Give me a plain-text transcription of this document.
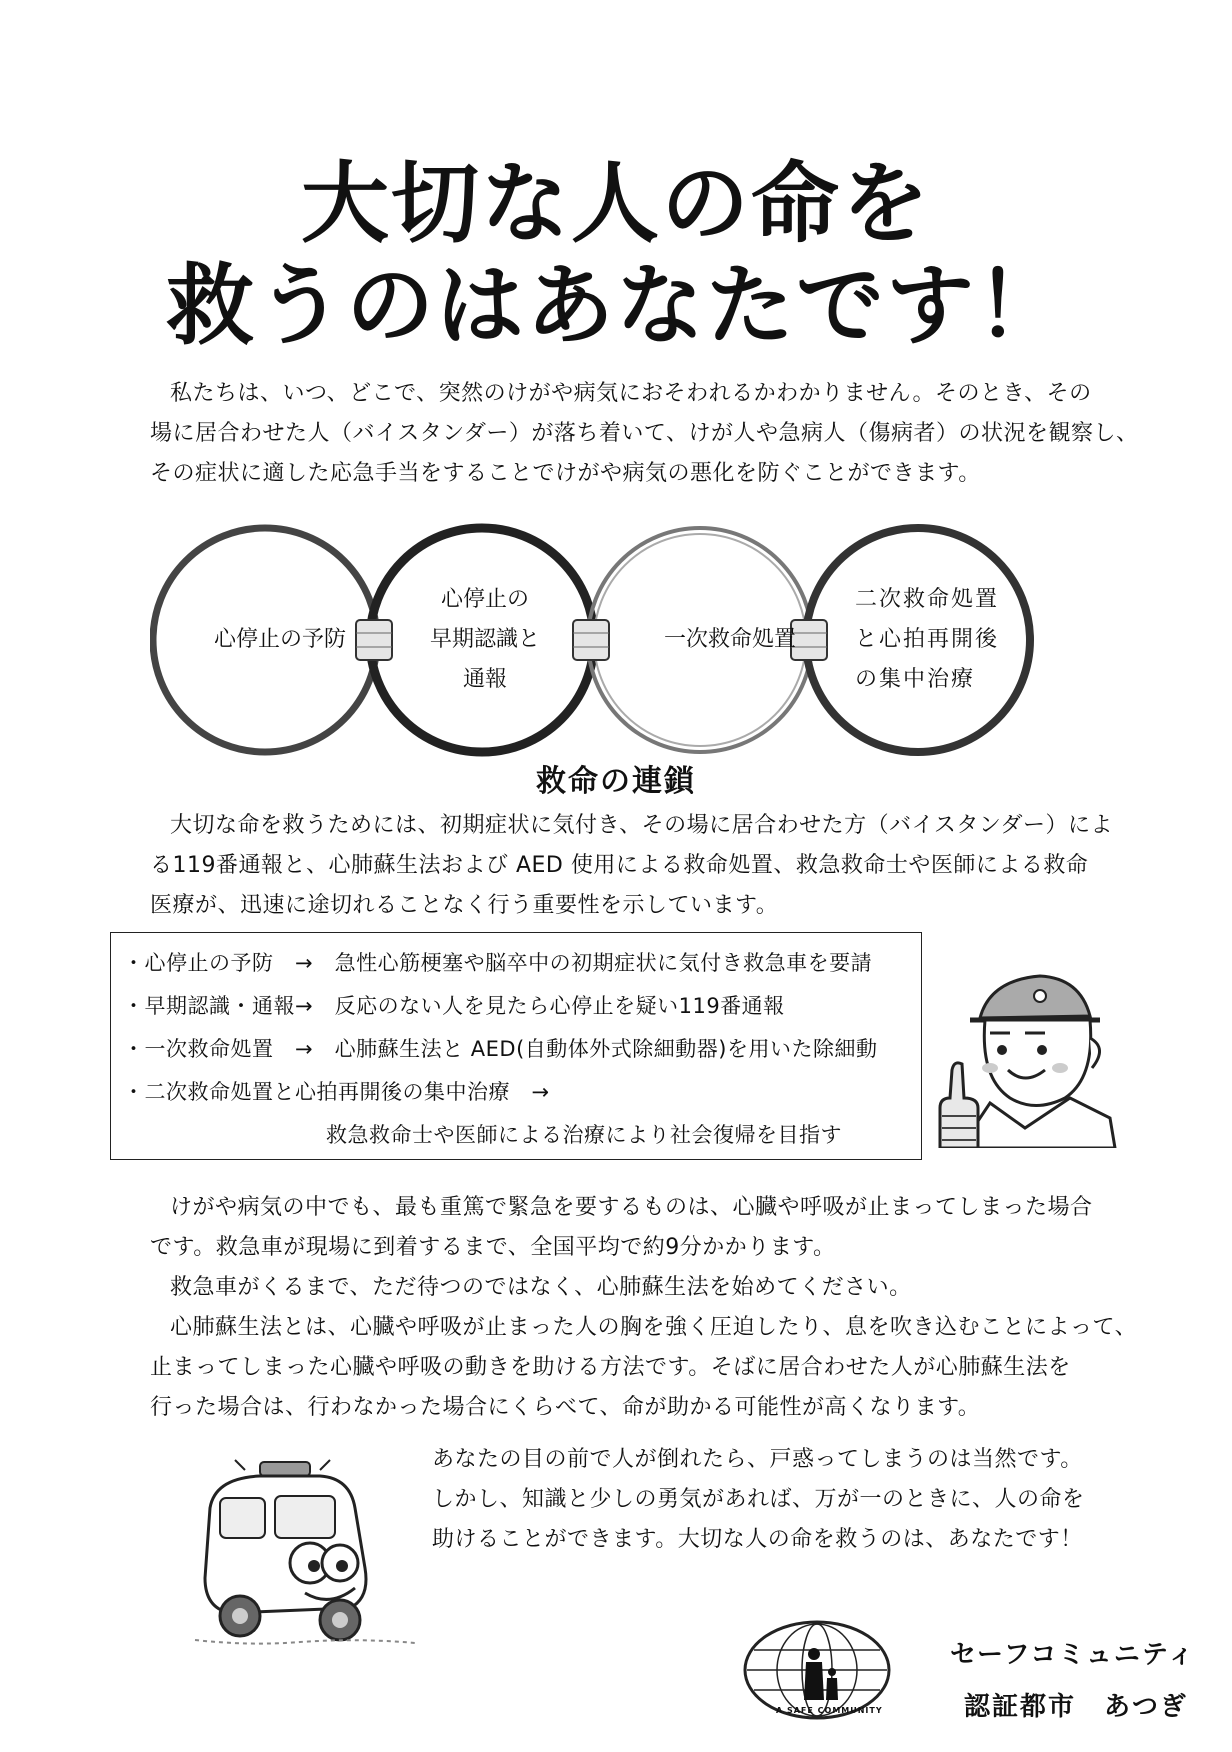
大切な人の命を
救うのはあなたです！
私たちは、いつ、どこで、突然のけがや病気におそわれるかわかりません。そのとき、その
場に居合わせた人（バイスタンダー）が落ち着いて、けが人や急病人（傷病者）の状況を観察し、
その症状に適した応急手当をすることでけがや病気の悪化を防ぐことができます。
心停止の予防
心停止の
早期認識と
通報
一次救命処置
二次救命処置
と心拍再開後
の集中治療
救命の連鎖
大切な命を救うためには、初期症状に気付き、その場に居合わせた方（バイスタンダー）によ
る119番通報と、心肺蘇生法および AED 使用による救命処置、救急救命士や医師による救命
医療が、迅速に途切れることなく行う重要性を示しています。
・心停止の予防　→　急性心筋梗塞や脳卒中の初期症状に気付き救急車を要請
・早期認識・通報→　反応のない人を見たら心停止を疑い119番通報
・一次救命処置　→　心肺蘇生法と AED(自動体外式除細動器)を用いた除細動
・二次救命処置と心拍再開後の集中治療　→
救急救命士や医師による治療により社会復帰を目指す
けがや病気の中でも、最も重篤で緊急を要するものは、心臓や呼吸が止まってしまった場合
です。救急車が現場に到着するまで、全国平均で約9分かかります。
救急車がくるまで、ただ待つのではなく、心肺蘇生法を始めてください。
心肺蘇生法とは、心臓や呼吸が止まった人の胸を強く圧迫したり、息を吹き込むことによって、
止まってしまった心臓や呼吸の動きを助ける方法です。そばに居合わせた人が心肺蘇生法を
行った場合は、行わなかった場合にくらべて、命が助かる可能性が高くなります。
あなたの目の前で人が倒れたら、戸惑ってしまうのは当然です。
しかし、知識と少しの勇気があれば、万が一のときに、人の命を
助けることができます。大切な人の命を救うのは、あなたです！
A SAFE COMMUNITY
セーフコミュニティ
認証都市　あつぎ
